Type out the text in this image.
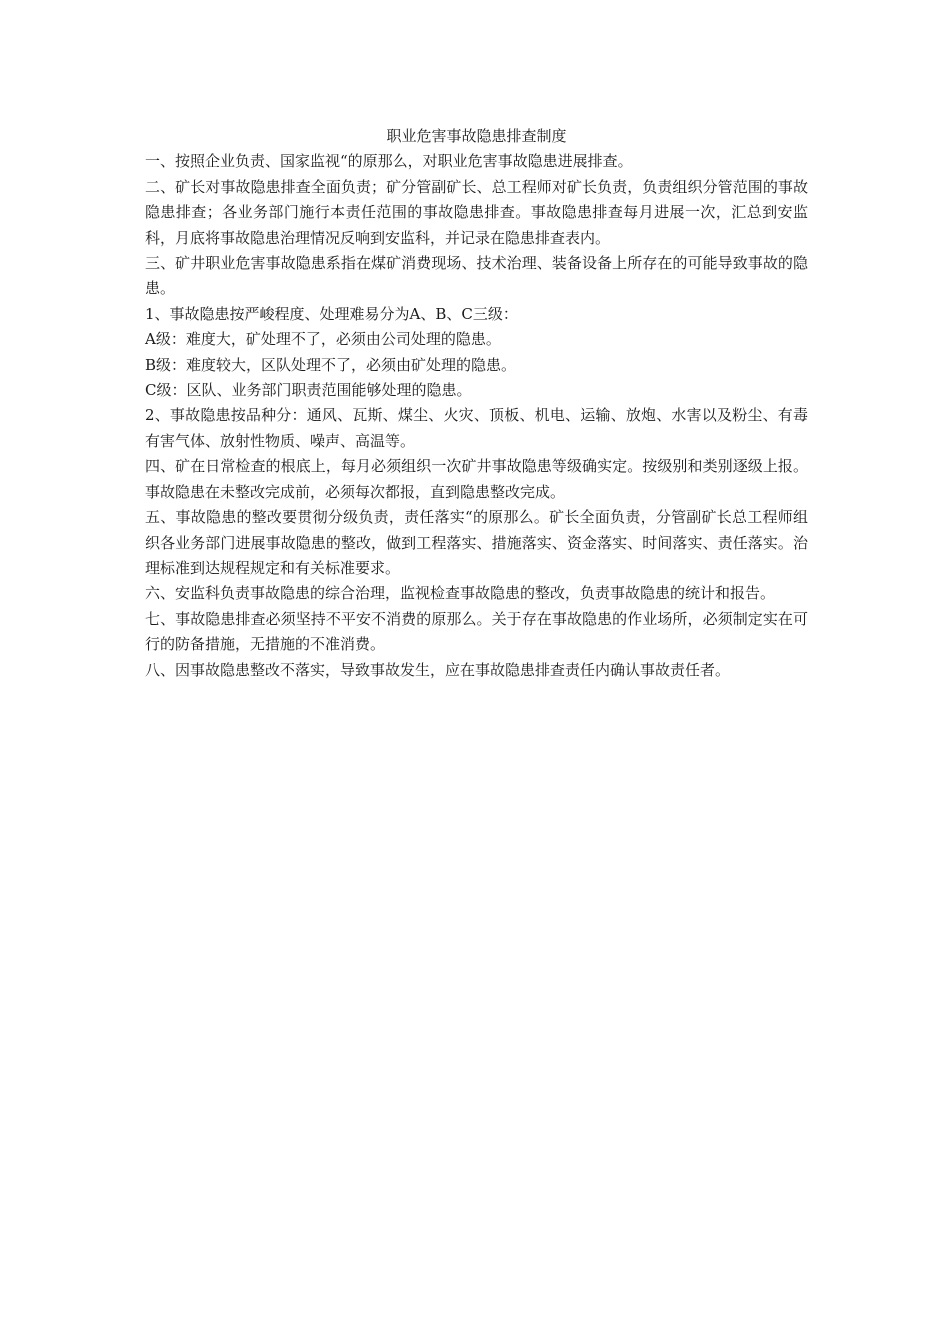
职业危害事故隐患排查制度

一、按照企业负责、国家监视“的原那么，对职业危害事故隐患进展排查。

二、矿长对事故隐患排查全面负责；矿分管副矿长、总工程师对矿长负责，负责组织分管范围的事故隐患排查；各业务部门施行本责任范围的事故隐患排查。事故隐患排查每月进展一次，汇总到安监科，月底将事故隐患治理情况反响到安监科，并记录在隐患排查表内。

三、矿井职业危害事故隐患系指在煤矿消费现场、技术治理、装备设备上所存在的可能导致事故的隐患。

1、事故隐患按严峻程度、处理难易分为A、B、C三级：

A级：难度大，矿处理不了，必须由公司处理的隐患。

B级：难度较大，区队处理不了，必须由矿处理的隐患。

C级：区队、业务部门职责范围能够处理的隐患。

2、事故隐患按品种分：通风、瓦斯、煤尘、火灾、顶板、机电、运输、放炮、水害以及粉尘、有毒有害气体、放射性物质、噪声、高温等。

四、矿在日常检查的根底上，每月必须组织一次矿井事故隐患等级确实定。按级别和类别逐级上报。事故隐患在未整改完成前，必须每次都报，直到隐患整改完成。

五、事故隐患的整改要贯彻分级负责，责任落实“的原那么。矿长全面负责，分管副矿长总工程师组织各业务部门进展事故隐患的整改，做到工程落实、措施落实、资金落实、时间落实、责任落实。治理标准到达规程规定和有关标准要求。

六、安监科负责事故隐患的综合治理，监视检查事故隐患的整改，负责事故隐患的统计和报告。

七、事故隐患排查必须坚持不平安不消费的原那么。关于存在事故隐患的作业场所，必须制定实在可行的防备措施，无措施的不准消费。

八、因事故隐患整改不落实，导致事故发生，应在事故隐患排查责任内确认事故责任者。
